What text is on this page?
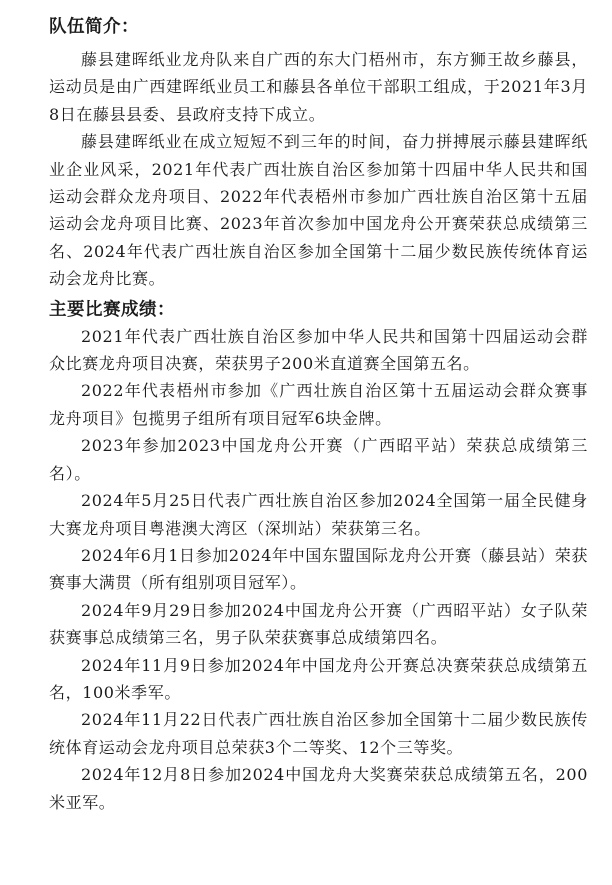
队伍简介：

藤县建晖纸业龙舟队来自广西的东大门梧州市，东方狮王故乡藤县，运动员是由广西建晖纸业员工和藤县各单位干部职工组成，于2021年3月8日在藤县县委、县政府支持下成立。

藤县建晖纸业在成立短短不到三年的时间，奋力拼搏展示藤县建晖纸业企业风采，2021年代表广西壮族自治区参加第十四届中华人民共和国运动会群众龙舟项目、2022年代表梧州市参加广西壮族自治区第十五届运动会龙舟项目比赛、2023年首次参加中国龙舟公开赛荣获总成绩第三名、2024年代表广西壮族自治区参加全国第十二届少数民族传统体育运动会龙舟比赛。

主要比赛成绩：

2021年代表广西壮族自治区参加中华人民共和国第十四届运动会群众比赛龙舟项目决赛，荣获男子200米直道赛全国第五名。

2022年代表梧州市参加《广西壮族自治区第十五届运动会群众赛事龙舟项目》包揽男子组所有项目冠军6块金牌。

2023年参加2023中国龙舟公开赛（广西昭平站）荣获总成绩第三名）。

2024年5月25日代表广西壮族自治区参加2024全国第一届全民健身大赛龙舟项目粤港澳大湾区（深圳站）荣获第三名。

2024年6月1日参加2024年中国东盟国际龙舟公开赛（藤县站）荣获赛事大满贯（所有组别项目冠军）。

2024年9月29日参加2024中国龙舟公开赛（广西昭平站）女子队荣获赛事总成绩第三名，男子队荣获赛事总成绩第四名。

2024年11月9日参加2024年中国龙舟公开赛总决赛荣获总成绩第五名，100米季军。

2024年11月22日代表广西壮族自治区参加全国第十二届少数民族传统体育运动会龙舟项目总荣获3个二等奖、12个三等奖。

2024年12月8日参加2024中国龙舟大奖赛荣获总成绩第五名，200米亚军。
